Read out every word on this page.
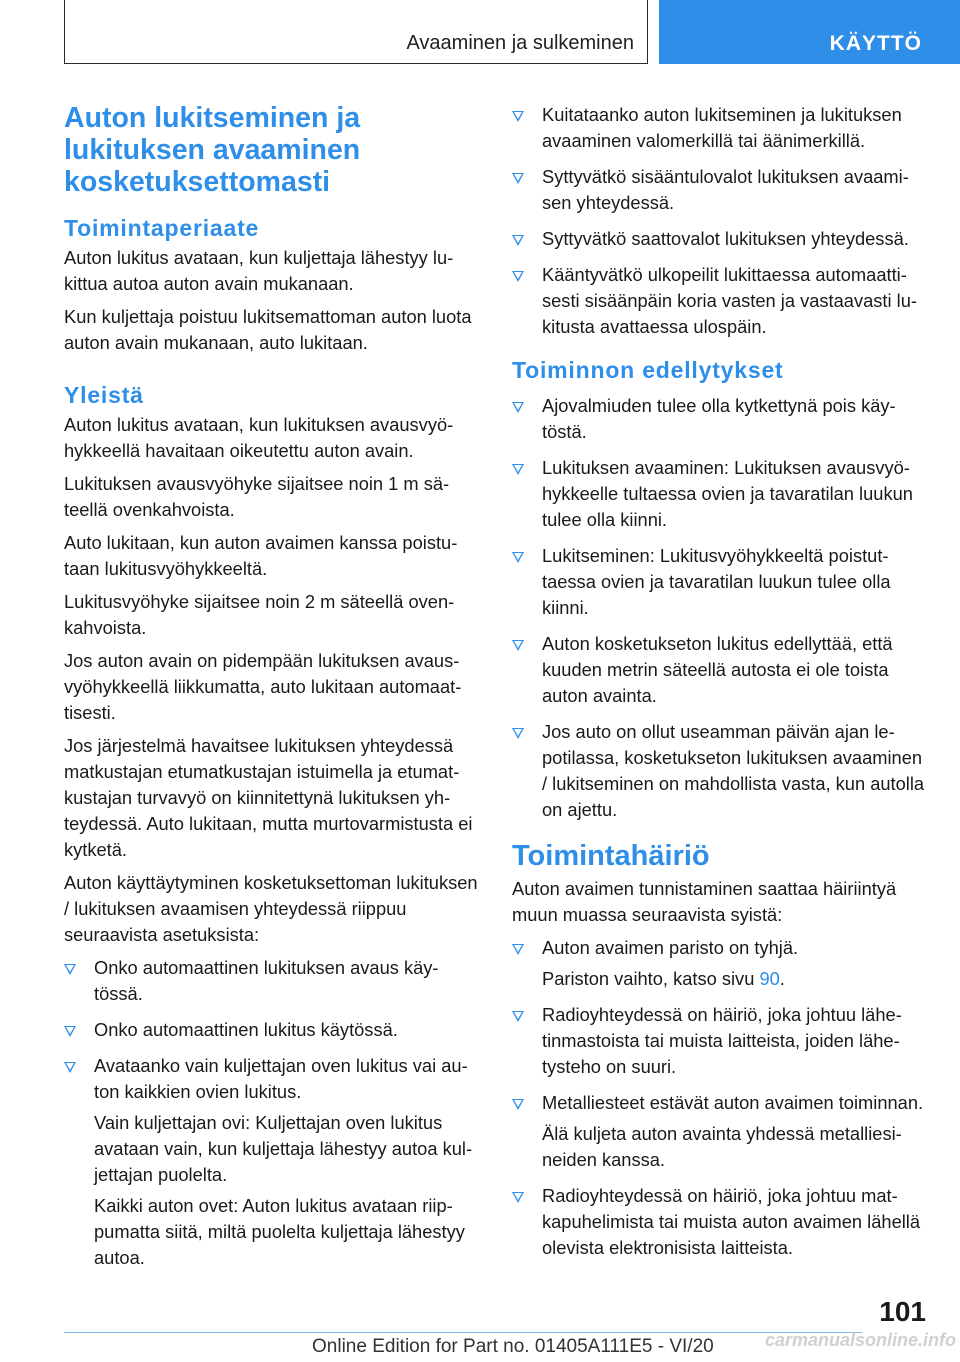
Avaaminen ja sulkeminen	KÄYTTÖ
Auton lukitseminen ja lukituksen avaaminen kosketuksettomasti
Toimintaperiaate

Auton lukitus avataan, kun kuljettaja lähestyy lukittua autoa auton avain mukanaan.

Kun kuljettaja poistuu lukitsemattoman auton luota auton avain mukanaan, auto lukitaan.

Yleistä

Auton lukitus avataan, kun lukituksen avausvyöhykkeellä havaitaan oikeutettu auton avain.

Lukituksen avausvyöhyke sijaitsee noin 1 m säteellä ovenkahvoista.

Auto lukitaan, kun auton avaimen kanssa poistutaan lukitusvyöhykkeeltä.

Lukitusvyöhyke sijaitsee noin 2 m säteellä ovenkahvoista.

Jos auton avain on pidempään lukituksen avausvyöhykkeellä liikkumatta, auto lukitaan automaattisesti.

Jos järjestelmä havaitsee lukituksen yhteydessä matkustajan etumatkustajan istuimella ja etumatkustajan turvavyö on kiinnitettynä lukituksen yhteydessä. Auto lukitaan, mutta murtovarmistusta ei kytketä.

Auton käyttäytyminen kosketuksettoman lukituksen / lukituksen avaamisen yhteydessä riippuu seuraavista asetuksista:

Onko automaattinen lukituksen avaus käytössä.
Onko automaattinen lukitus käytössä.
Avataanko vain kuljettajan oven lukitus vai auton kaikkien ovien lukitus.
Vain kuljettajan ovi: Kuljettajan oven lukitus avataan vain, kun kuljettaja lähestyy autoa kuljettajan puolelta.
Kaikki auton ovet: Auton lukitus avataan riippumatta siitä, miltä puolelta kuljettaja lähestyy autoa.
Kuitataanko auton lukitseminen ja lukituksen avaaminen valomerkillä tai äänimerkillä.
Syttyvätkö sisääntulovalot lukituksen avaamisen yhteydessä.
Syttyvätkö saattovalot lukituksen yhteydessä.
Kääntyvätkö ulkopeilit lukittaessa automaattisesti sisäänpäin koria vasten ja vastaavasti lukitusta avattaessa ulospäin.
Toiminnon edellytykset
Ajovalmiuden tulee olla kytkettynä pois käytöstä.
Lukituksen avaaminen: Lukituksen avausvyöhykkeelle tultaessa ovien ja tavaratilan luukun tulee olla kiinni.
Lukitseminen: Lukitusvyöhykkeeltä poistuttaessa ovien ja tavaratilan luukun tulee olla kiinni.
Auton kosketukseton lukitus edellyttää, että kuuden metrin säteellä autosta ei ole toista auton avainta.
Jos auto on ollut useamman päivän ajan lepotilassa, kosketukseton lukituksen avaaminen / lukitseminen on mahdollista vasta, kun autolla on ajettu.
Toimintahäiriö

Auton avaimen tunnistaminen saattaa häiriintyä muun muassa seuraavista syistä:

Auton avaimen paristo on tyhjä.
Pariston vaihto, katso sivu 90.
Radioyhteydessä on häiriö, joka johtuu lähetinmastoista tai muista laitteista, joiden lähetysteho on suuri.
Metalliesteet estävät auton avaimen toiminnan.
Älä kuljeta auton avainta yhdessä metalliesineiden kanssa.
Radioyhteydessä on häiriö, joka johtuu matkapuhelimista tai muista auton avaimen lähellä olevista elektronisista laitteista.
101
Online Edition for Part no. 01405A111E5 - VI/20	carmanualsonline.info
